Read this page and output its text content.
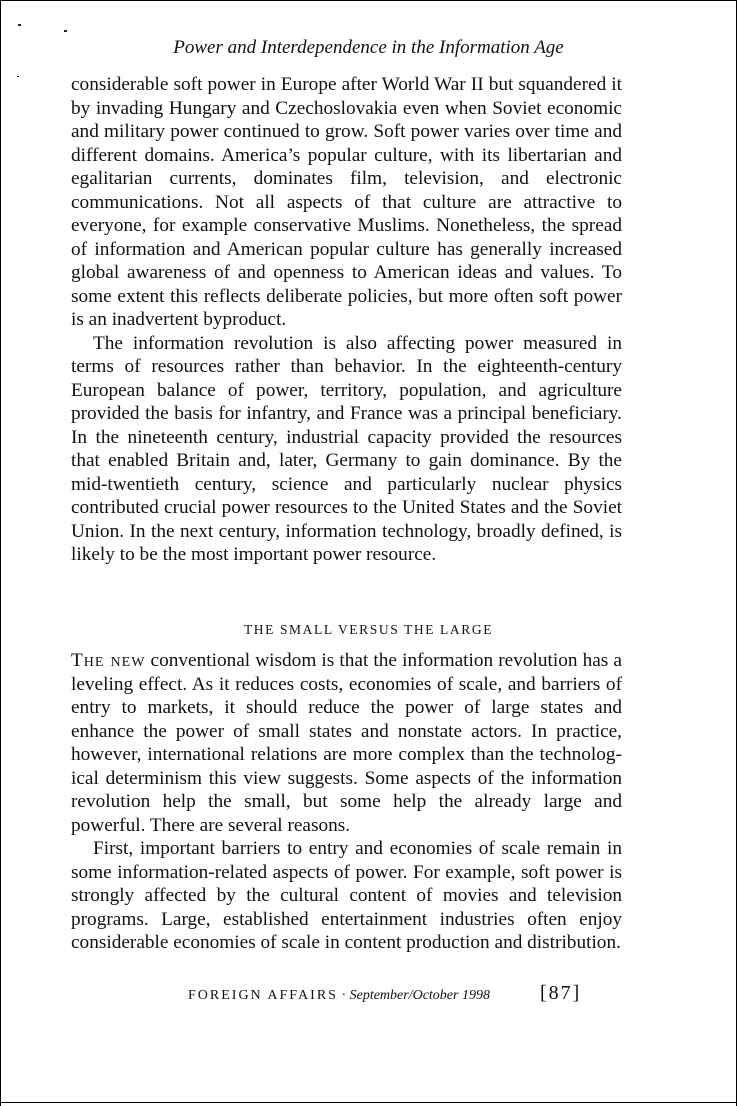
Power and Interdependence in the Information Age

considerable soft power in Europe after World War II but squandered it by invading Hungary and Czechoslovakia even when Soviet economic and military power continued to grow. Soft power varies over time and different domains. America’s popular culture, with its libertarian and egalitarian currents, dominates film, television, and electronic communications. Not all aspects of that culture are attractive to everyone, for example conservative Muslims. Nonetheless, the spread of information and American popular culture has generally increased global awareness of and openness to American ideas and values. To some extent this reflects deliberate policies, but more often soft power is an inadvertent byproduct.

The information revolution is also affecting power measured in terms of resources rather than behavior. In the eighteenth-century European balance of power, territory, population, and agriculture provided the basis for infantry, and France was a principal beneficiary. In the nineteenth century, industrial capacity provided the resources that enabled Britain and, later, Germany to gain dominance. By the mid-twentieth century, science and particularly nuclear physics contributed crucial power resources to the United States and the Soviet Union. In the next century, information technology, broadly defined, is likely to be the most important power resource.

THE SMALL VERSUS THE LARGE

The new conventional wisdom is that the information revolution has a leveling effect. As it reduces costs, economies of scale, and barriers of entry to markets, it should reduce the power of large states and enhance the power of small states and nonstate actors. In practice, however, international relations are more complex than the technological determinism this view suggests. Some aspects of the information revolution help the small, but some help the already large and powerful. There are several reasons.

First, important barriers to entry and economies of scale remain in some information-related aspects of power. For example, soft power is strongly affected by the cultural content of movies and television programs. Large, established entertainment industries often enjoy considerable economies of scale in content production and distribution.

FOREIGN AFFAIRS · September/October 1998	[87]
